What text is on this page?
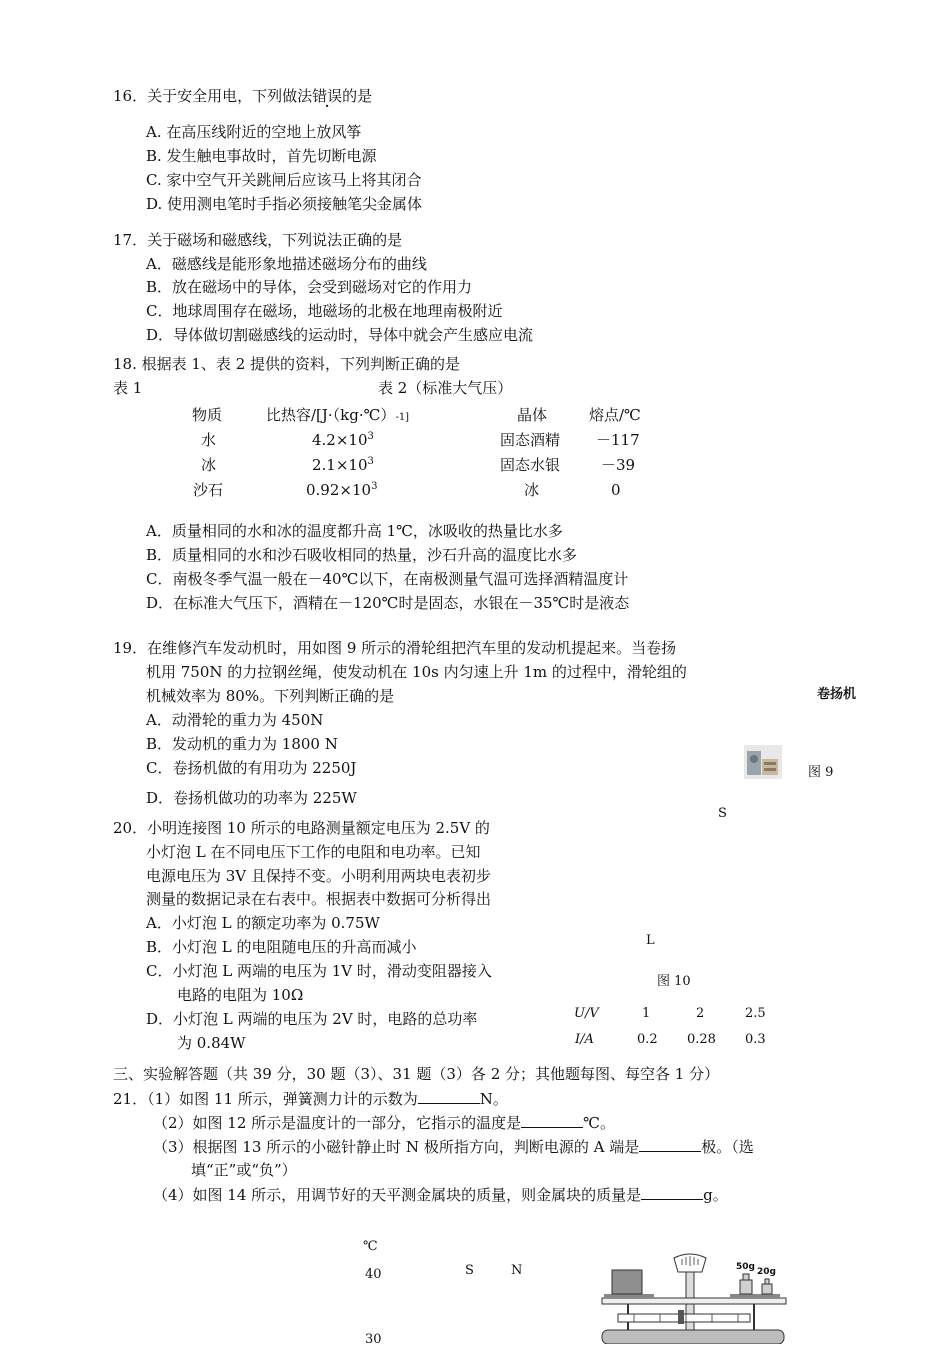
16．关于安全用电，下列做法错误的是
A. 在高压线附近的空地上放风筝
B. 发生触电事故时，首先切断电源
C. 家中空气开关跳闸后应该马上将其闭合
D. 使用测电笔时手指必须接触笔尖金属体
17．关于磁场和磁感线，下列说法正确的是
A．磁感线是能形象地描述磁场分布的曲线
B．放在磁场中的导体，会受到磁场对它的作用力
C．地球周围存在磁场，地磁场的北极在地理南极附近
D．导体做切割磁感线的运动时，导体中就会产生感应电流
18. 根据表 1、表 2 提供的资料，下列判断正确的是
表 1	表 2（标准大气压）
物质	比热容/[J·（kg·℃）-1]
水	$4.2\times 10^3$
冰	$2.1\times 10^3$
沙石	$0.92\times 10^3$
晶体	熔点/℃
固态酒精 －117
固态水银	－39
冰	0
A．质量相同的水和冰的温度都升高 1℃，冰吸收的热量比水多
B．质量相同的水和沙石吸收相同的热量，沙石升高的温度比水多
C．南极冬季气温一般在－40℃以下，在南极测量气温可选择酒精温度计
D．在标准大气压下，酒精在－120℃时是固态，水银在－35℃时是液态
19．在维修汽车发动机时，用如图 9 所示的滑轮组把汽车里的发动机提起来。当卷扬
机用 750N 的力拉钢丝绳，使发动机在 10s 内匀速上升 1m 的过程中，滑轮组的
机械效率为 80%。下列判断正确的是
A．动滑轮的重力为 450N
B．发动机的重力为 1800 N
C．卷扬机做的有用功为 2250J
D．卷扬机做功的功率为 225W
卷扬机
图 9
20．小明连接图 10 所示的电路测量额定电压为 2.5V 的
小灯泡 L 在不同电压下工作的电阻和电功率。已知
电源电压为 3V 且保持不变。小明利用两块电表初步
测量的数据记录在右表中。根据表中数据可分析得出
A．小灯泡 L 的额定功率为 0.75W
B．小灯泡 L 的电阻随电压的升高而减小
C．小灯泡 L 两端的电压为 1V 时，滑动变阻器接入
电路的电阻为 10Ω
D．小灯泡 L 两端的电压为 2V 时，电路的总功率
为 0.84W
S
L
图 10
U/V	1	2	2.5
I/A	0.2 0.28 0.3
三、实验解答题（共 39 分，30 题（3）、31 题（3）各 2 分；其他题每图、每空各 1 分）
21．（1）如图 11 所示，弹簧测力计的示数为	N。
（2）如图 12 所示是温度计的一部分，它指示的温度是	℃。
（3）根据图 13 所示的小磁针静止时 N 极所指方向，判断电源的 A 端是	极。（选
填“正”或“负”）
（4）如图 14 所示，用调节好的天平测金属块的质量，则金属块的质量是	g。
℃
40
30
S	N	50g 20g
